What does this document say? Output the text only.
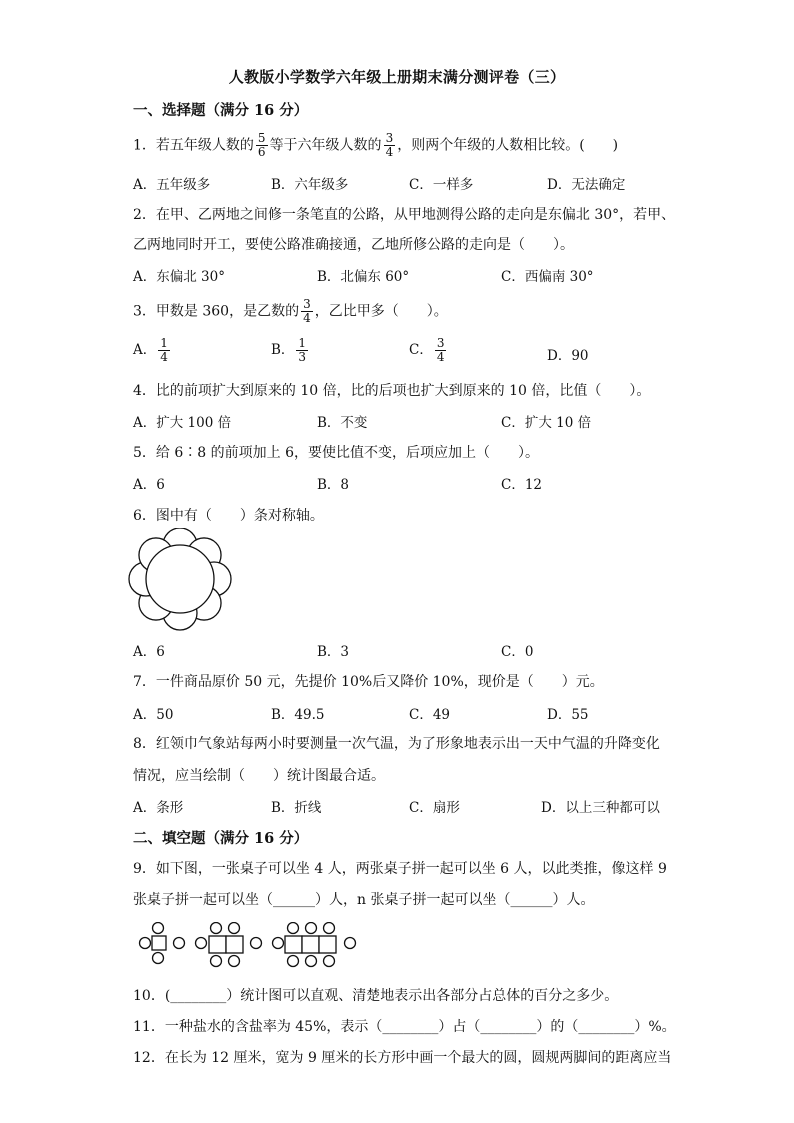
人教版小学数学六年级上册期末满分测评卷（三）
一、选择题（满分 16 分）
1．若五年级人数的 $\frac{5}{6}$ 等于六年级人数的 $\frac{3}{4}$ ，则两个年级的人数相比较。(　　)
A．五年级多	B．六年级多	C．一样多	D．无法确定
2．在甲、乙两地之间修一条笔直的公路，从甲地测得公路的走向是东偏北 30°，若甲、
乙两地同时开工，要使公路准确接通，乙地所修公路的走向是（　　）。
A．东偏北 30°	B．北偏东 60°	C．西偏南 30°
3．甲数是 360，是乙数的 $\frac{3}{4}$ ，乙比甲多（　　）。
A． $\frac{1}{4}$	B． $\frac{1}{3}$	C． $\frac{3}{4}$	D．90
4．比的前项扩大到原来的 10 倍，比的后项也扩大到原来的 10 倍，比值（　　）。
A．扩大 100 倍	B．不变	C．扩大 10 倍
5．给 6∶8 的前项加上 6，要使比值不变，后项应加上（　　）。
A．6	B．8	C．12
6．图中有（　　）条对称轴。
A．6	B．3	C．0
7．一件商品原价 50 元，先提价 10%后又降价 10%，现价是（　　）元。
A．50	B．49.5	C．49	D．55
8．红领巾气象站每两小时要测量一次气温，为了形象地表示出一天中气温的升降变化
情况，应当绘制（　　）统计图最合适。
A．条形	B．折线	C．扇形	D．以上三种都可以
二、填空题（满分 16 分）
9．如下图，一张桌子可以坐 4 人，两张桌子拼一起可以坐 6 人，以此类推，像这样 9
张桌子拼一起可以坐（______）人，n 张桌子拼一起可以坐（______）人。
10．(________）统计图可以直观、清楚地表示出各部分占总体的百分之多少。
11．一种盐水的含盐率为 45%，表示（________）占（________）的（________）%。
12．在长为 12 厘米，宽为 9 厘米的长方形中画一个最大的圆，圆规两脚间的距离应当
